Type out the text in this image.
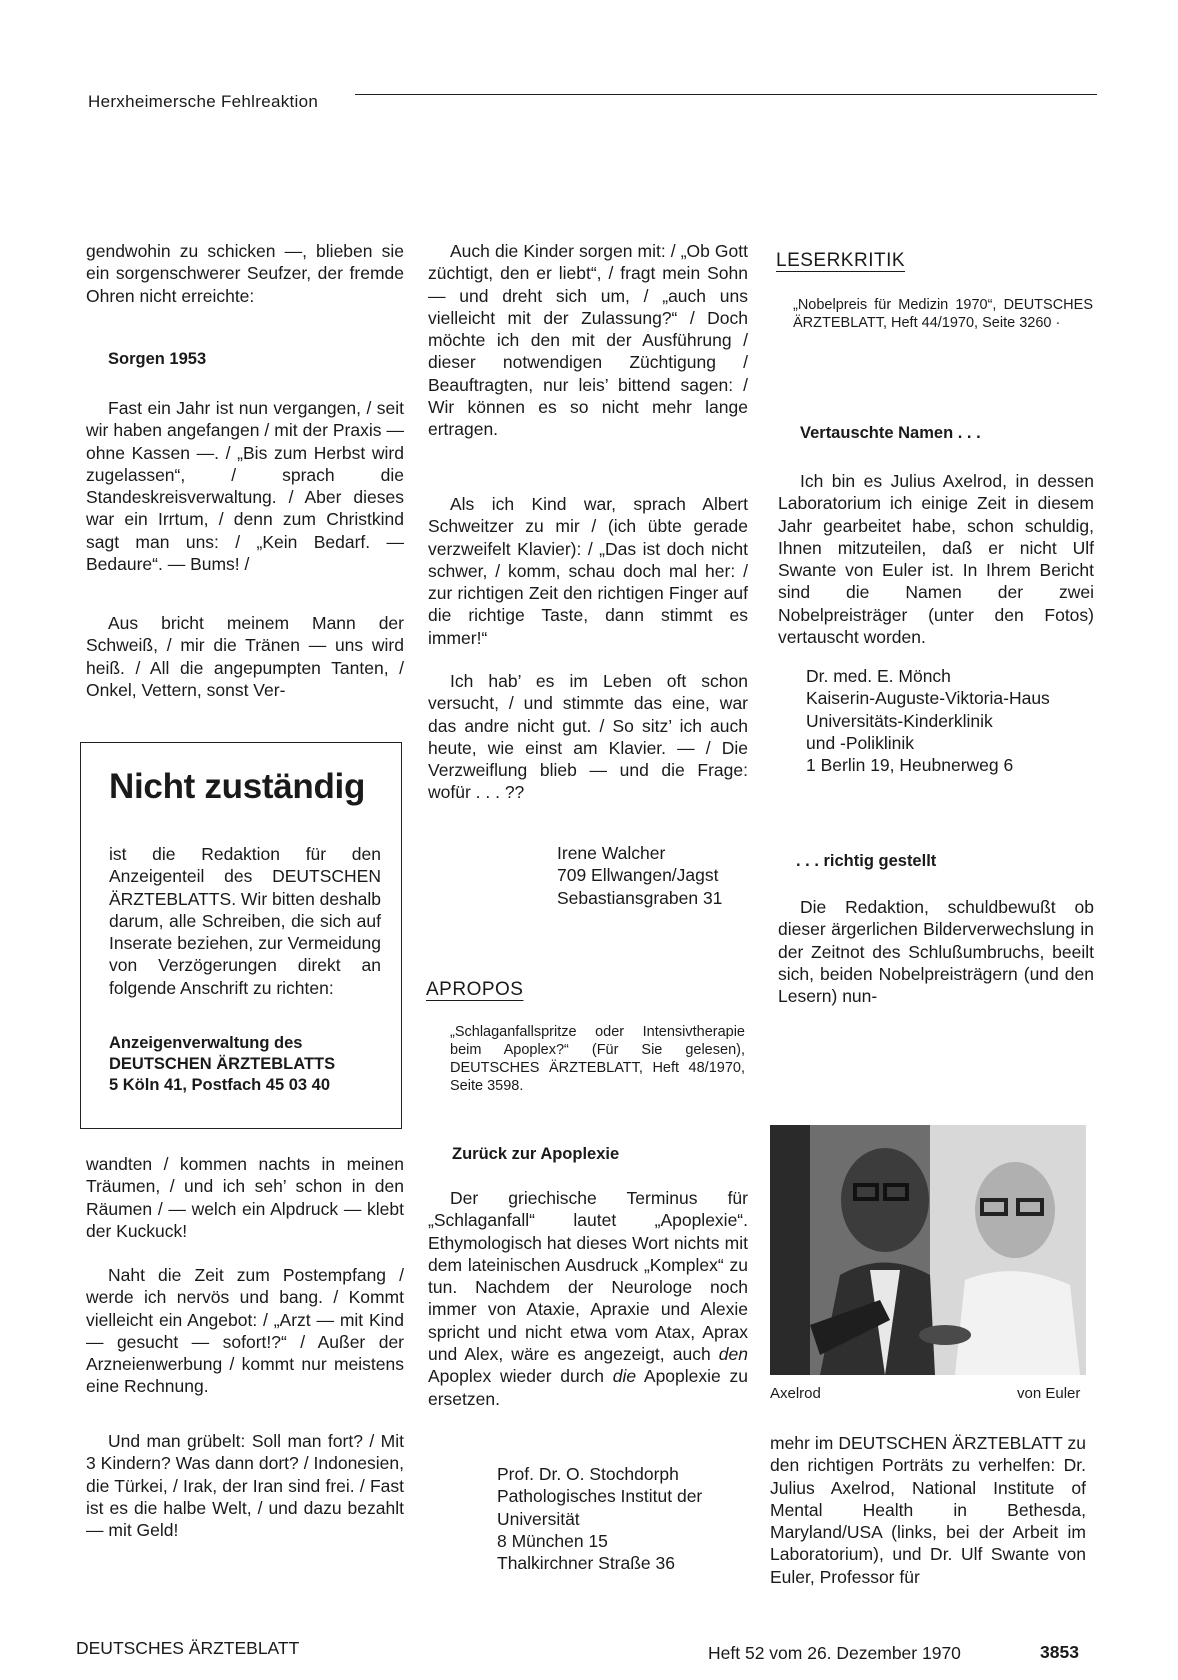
Herxheimersche Fehlreaktion
gendwohin zu schicken —, blieben sie ein sorgenschwerer Seufzer, der fremde Ohren nicht erreichte:
Sorgen 1953

Fast ein Jahr ist nun vergangen, / seit wir haben angefangen / mit der Praxis — ohne Kassen —. / „Bis zum Herbst wird zugelassen“, / sprach die Standeskreisverwaltung. / Aber dieses war ein Irrtum, / denn zum Christkind sagt man uns: / „Kein Bedarf. — Bedaure“. — Bums! /

Aus bricht meinem Mann der Schweiß, / mir die Tränen — uns wird heiß. / All die angepumpten Tanten, / Onkel, Vettern, sonst Ver-

Nicht zuständig
ist die Redaktion für den Anzeigenteil des DEUTSCHEN ÄRZTEBLATTS. Wir bitten deshalb darum, alle Schreiben, die sich auf Inserate beziehen, zur Vermeidung von Verzögerungen direkt an folgende Anschrift zu richten:
Anzeigenverwaltung des
DEUTSCHEN ÄRZTEBLATTS
5 Köln 41, Postfach 45 03 40

wandten / kommen nachts in meinen Träumen, / und ich seh’ schon in den Räumen / — welch ein Alpdruck — klebt der Kuckuck!

Naht die Zeit zum Postempfang / werde ich nervös und bang. / Kommt vielleicht ein Angebot: / „Arzt — mit Kind — gesucht — sofort!?“ / Außer der Arzneienwerbung / kommt nur meistens eine Rechnung.

Und man grübelt: Soll man fort? / Mit 3 Kindern? Was dann dort? / Indonesien, die Türkei, / Irak, der Iran sind frei. / Fast ist es die halbe Welt, / und dazu bezahlt — mit Geld!

Auch die Kinder sorgen mit: / „Ob Gott züchtigt, den er liebt“, / fragt mein Sohn — und dreht sich um, / „auch uns vielleicht mit der Zulassung?“ / Doch möchte ich den mit der Ausführung / dieser notwendigen Züchtigung / Beauftragten, nur leis’ bittend sagen: / Wir können es so nicht mehr lange ertragen.

Als ich Kind war, sprach Albert Schweitzer zu mir / (ich übte gerade verzweifelt Klavier): / „Das ist doch nicht schwer, / komm, schau doch mal her: / zur richtigen Zeit den richtigen Finger auf die richtige Taste, dann stimmt es immer!“

Ich hab’ es im Leben oft schon versucht, / und stimmte das eine, war das andre nicht gut. / So sitz’ ich auch heute, wie einst am Klavier. — / Die Verzweiflung blieb — und die Frage: wofür . . . ??

Irene Walcher
709 Ellwangen/Jagst
Sebastiansgraben 31
APROPOS
„Schlaganfallspritze oder Intensivtherapie beim Apoplex?“ (Für Sie gelesen), DEUTSCHES ÄRZTEBLATT, Heft 48/1970, Seite 3598.
Zurück zur Apoplexie

Der griechische Terminus für „Schlaganfall“ lautet „Apoplexie“. Ethymologisch hat dieses Wort nichts mit dem lateinischen Ausdruck „Komplex“ zu tun. Nachdem der Neurologe noch immer von Ataxie, Apraxie und Alexie spricht und nicht etwa vom Atax, Aprax und Alex, wäre es angezeigt, auch den Apoplex wieder durch die Apoplexie zu ersetzen.

Prof. Dr. O. Stochdorph
Pathologisches Institut der Universität
8 München 15
Thalkirchner Straße 36
LESERKRITIK
„Nobelpreis für Medizin 1970“, DEUTSCHES ÄRZTEBLATT, Heft 44/1970, Seite 3260 ·
Vertauschte Namen . . .

Ich bin es Julius Axelrod, in dessen Laboratorium ich einige Zeit in diesem Jahr gearbeitet habe, schon schuldig, Ihnen mitzuteilen, daß er nicht Ulf Swante von Euler ist. In Ihrem Bericht sind die Namen der zwei Nobelpreisträger (unter den Fotos) vertauscht worden.

Dr. med. E. Mönch
Kaiserin-Auguste-Viktoria-Haus
Universitäts-Kinderklinik
und -Poliklinik
1 Berlin 19, Heubnerweg 6
. . . richtig gestellt

Die Redaktion, schuldbewußt ob dieser ärgerlichen Bilderverwechslung in der Zeitnot des Schlußumbruchs, beeilt sich, beiden Nobelpreisträgern (und den Lesern) nun-

Axelrod	von Euler

mehr im DEUTSCHEN ÄRZTEBLATT zu den richtigen Porträts zu verhelfen: Dr. Julius Axelrod, National Institute of Mental Health in Bethesda, Maryland/USA (links, bei der Arbeit im Laboratorium), und Dr. Ulf Swante von Euler, Professor für

DEUTSCHES ÄRZTEBLATT	Heft 52 vom 26. Dezember 1970	3853
